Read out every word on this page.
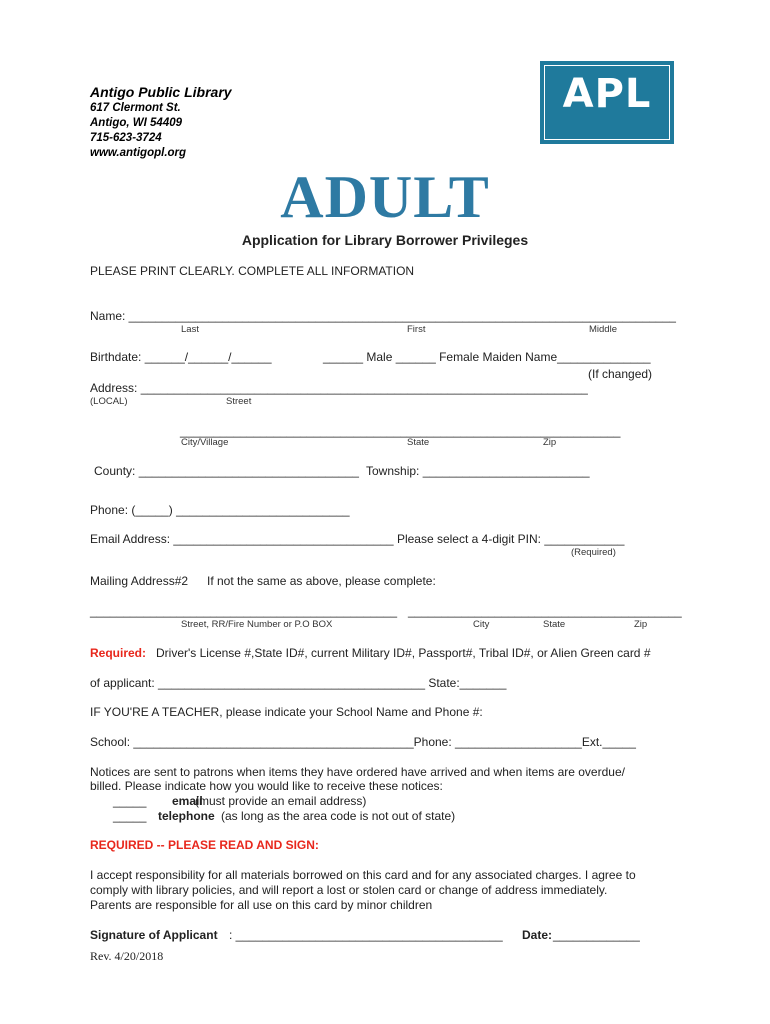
Antigo Public Library
617 Clermont St.
Antigo, WI 54409
715-623-3724
www.antigopl.org
APL
ADULT
Application for Library Borrower Privileges
PLEASE PRINT CLEARLY. COMPLETE ALL INFORMATION
Name: __________________________________________________________________________________
Last	First	Middle
Birthdate: ______/______/______	______ Male ______ Female Maiden Name______________
(If changed)
Address: ___________________________________________________________________
(LOCAL)	Street
__________________________________________________________________
City/Village	State	Zip
County: _________________________________ Township: _________________________
Phone: (_____) __________________________
Email Address: _________________________________ Please select a 4-digit PIN: ____________
(Required)
Mailing Address#2 If not the same as above, please complete:
______________________________________________ _________________________________________
Street, RR/Fire Number or P.O BOX	City	State	Zip
Required: Driver's License #,State ID#, current Military ID#, Passport#, Tribal ID#, or Alien Green card #
of applicant: ________________________________________ State:_______
IF YOU'RE A TEACHER, please indicate your School Name and Phone #:
School: __________________________________________Phone: ___________________Ext._____
Notices are sent to patrons when items they have ordered have arrived and when items are overdue/
billed. Please indicate how you would like to receive these notices:
_____ email
(must provide an email address)
_____ telephone (as long as the area code is not out of state)
REQUIRED -- PLEASE READ AND SIGN:
I accept responsibility for all materials borrowed on this card and for any associated charges. I agree to
comply with library policies, and will report a lost or stolen card or change of address immediately.
Parents are responsible for all use on this card by minor children
Signature of Applicant : ________________________________________ Date: _____________
Rev. 4/20/2018
